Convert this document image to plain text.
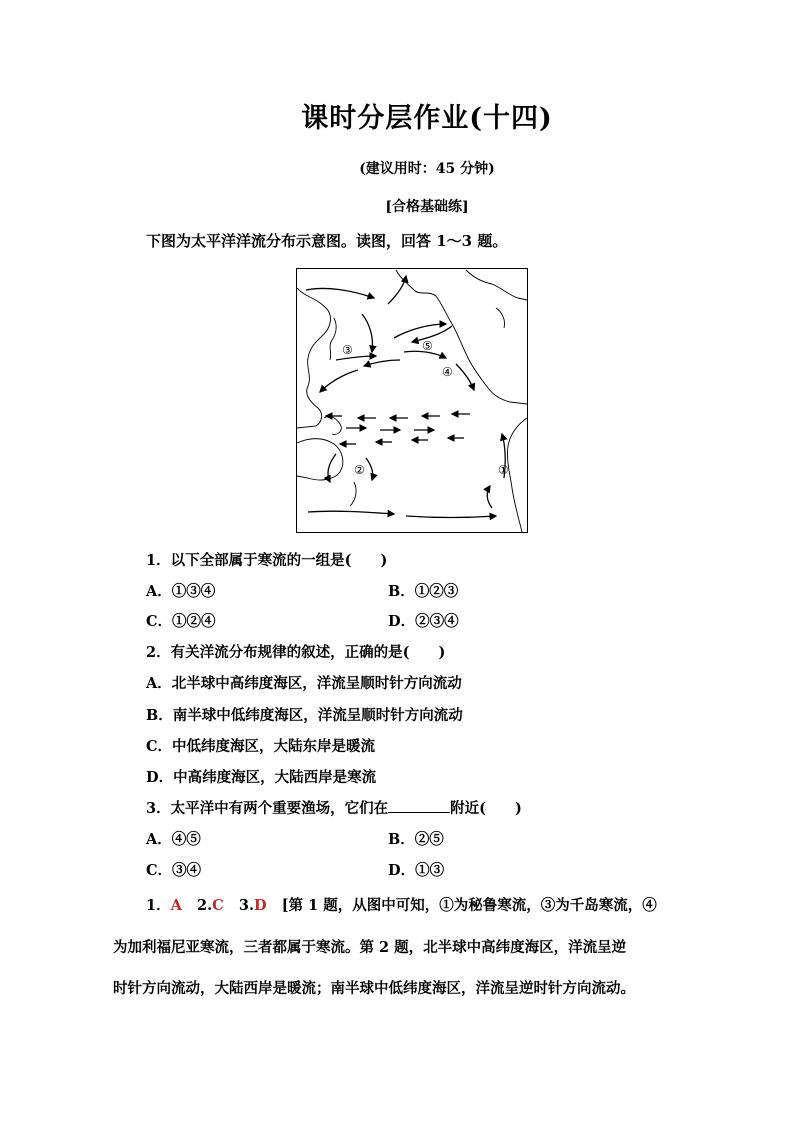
课时分层作业(十四)
(建议用时：45 分钟)
[合格基础练]
下图为太平洋洋流分布示意图。读图，回答 1～3 题。
③	⑤
④
②	①
1．以下全部属于寒流的一组是(　　)
A．①③④	B．①②③
C．①②④	D．②③④
2．有关洋流分布规律的叙述，正确的是(　　)
A．北半球中高纬度海区，洋流呈顺时针方向流动
B．南半球中低纬度海区，洋流呈顺时针方向流动
C．中低纬度海区，大陆东岸是暖流
D．中高纬度海区，大陆西岸是寒流
3．太平洋中有两个重要渔场，它们在	附近(　　)
A．④⑤	B．②⑤
C．③④	D．①③
1．A 2.C 3.D [第 1 题，从图中可知，①为秘鲁寒流，③为千岛寒流，④
为加利福尼亚寒流，三者都属于寒流。第 2 题，北半球中高纬度海区，洋流呈逆
时针方向流动，大陆西岸是暖流；南半球中低纬度海区，洋流呈逆时针方向流动。
